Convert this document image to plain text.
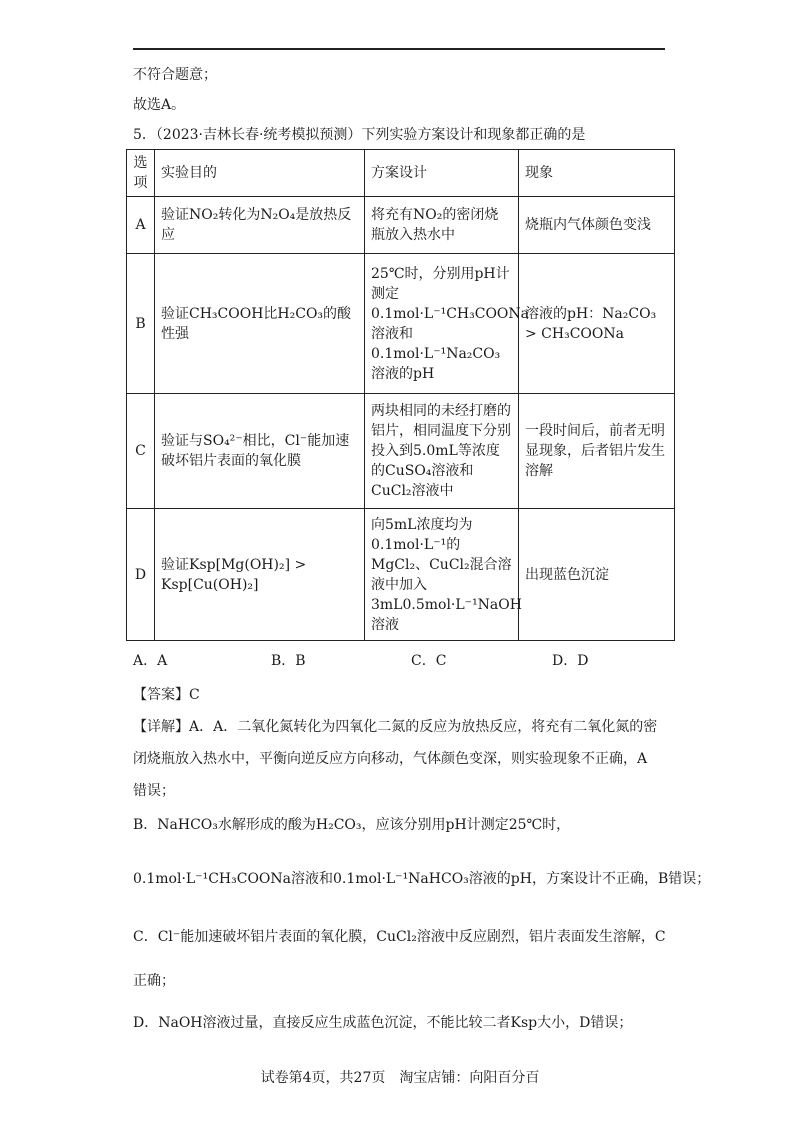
不符合题意；
故选A。
5．（2023·吉林长春·统考模拟预测）下列实验方案设计和现象都正确的是
选项	实验目的	方案设计	现象
A	验证NO₂转化为N₂O₄是放热反应	将充有NO₂的密闭烧瓶放入热水中	烧瓶内气体颜色变浅
B	验证CH₃COOH比H₂CO₃的酸性强	25℃时，分别用pH计测定0.1mol·L⁻¹CH₃COONa溶液和0.1mol·L⁻¹Na₂CO₃溶液的pH	溶液的pH：Na₂CO₃ > CH₃COONa
C	验证与SO₄²⁻相比，Cl⁻能加速破坏铝片表面的氧化膜	两块相同的未经打磨的铝片，相同温度下分别投入到5.0mL等浓度的CuSO₄溶液和CuCl₂溶液中	一段时间后，前者无明显现象，后者铝片发生溶解
D	验证Ksp[Mg(OH)₂] > Ksp[Cu(OH)₂]	向5mL浓度均为0.1mol·L⁻¹的MgCl₂、CuCl₂混合溶液中加入3mL0.5mol·L⁻¹NaOH溶液	出现蓝色沉淀
A．A	B．B	C．C	D．D
【答案】C
【详解】A．A．二氧化氮转化为四氧化二氮的反应为放热反应，将充有二氧化氮的密
闭烧瓶放入热水中，平衡向逆反应方向移动，气体颜色变深，则实验现象不正确，A
错误；
B．NaHCO₃水解形成的酸为H₂CO₃，应该分别用pH计测定25℃时，
0.1mol·L⁻¹CH₃COONa溶液和0.1mol·L⁻¹NaHCO₃溶液的pH，方案设计不正确，B错误；
C．Cl⁻能加速破坏铝片表面的氧化膜，CuCl₂溶液中反应剧烈，铝片表面发生溶解，C
正确；
D．NaOH溶液过量，直接反应生成蓝色沉淀，不能比较二者Ksp大小，D错误；
试卷第4页，共27页　淘宝店铺：向阳百分百
